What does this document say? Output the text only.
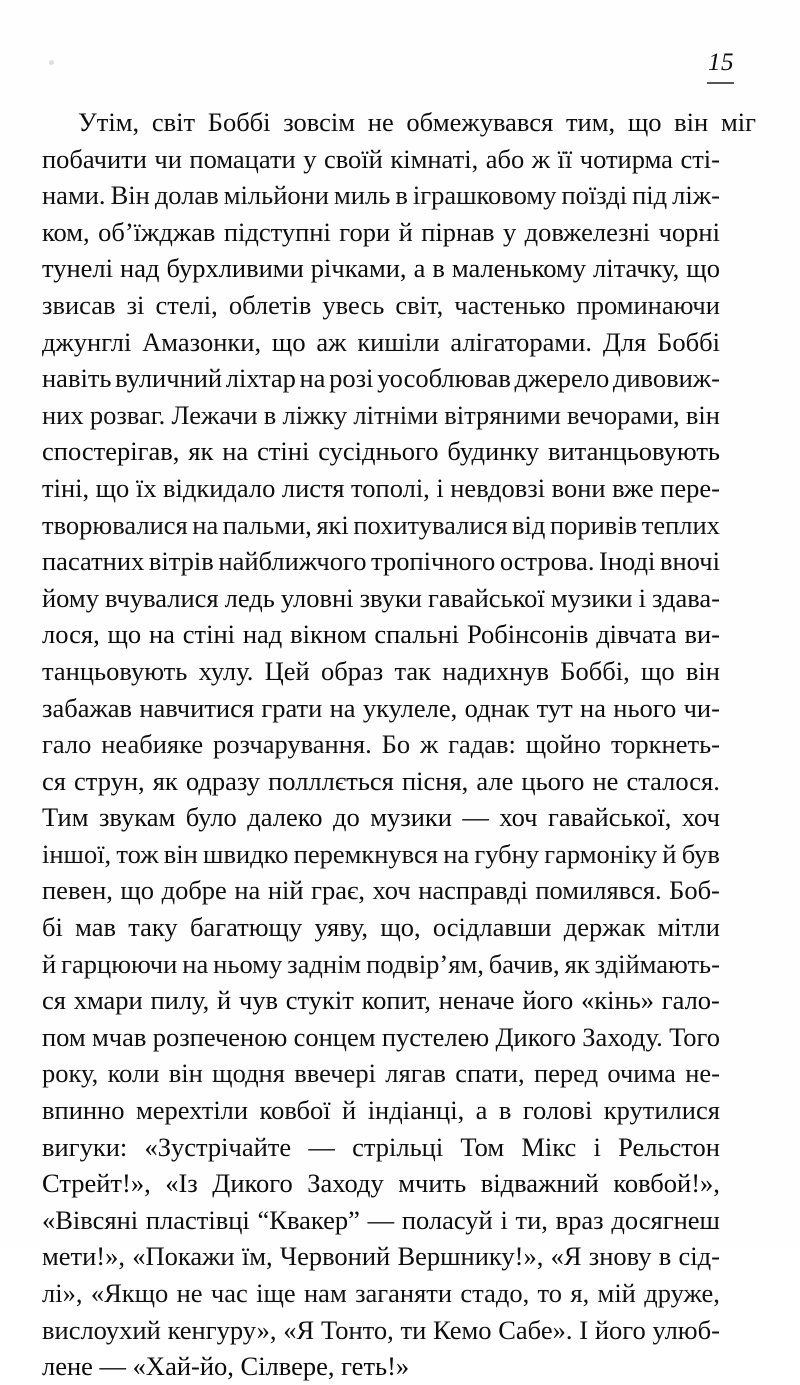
15
Утім, світ Боббі зовсім не обмежувався тим, що він міг
побачити чи помацати у своїй кімнаті, або ж її чотирма сті-
нами. Він долав мільйони миль в іграшковому поїзді під ліж-
ком, об’їжджав підступні гори й пірнав у довжелезні чорні
тунелі над бурхливими річками, а в маленькому літачку, що
звисав зі стелі, облетів увесь світ, частенько проминаючи
джунглі Амазонки, що аж кишіли алігаторами. Для Боббі
навіть вуличний ліхтар на розі уособлював джерело дивовиж-
них розваг. Лежачи в ліжку літніми вітряними вечорами, він
спостерігав, як на стіні сусіднього будинку витанцьовують
тіні, що їх відкидало листя тополі, і невдовзі вони вже пере-
творювалися на пальми, які похитувалися від поривів теплих
пасатних вітрів найближчого тропічного острова. Іноді вночі
йому вчувалися ледь уловні звуки гавайської музики і здава-
лося, що на стіні над вікном спальні Робінсонів дівчата ви-
танцьовують хулу. Цей образ так надихнув Боббі, що він
забажав навчитися грати на укулеле, однак тут на нього чи-
гало неабияке розчарування. Бо ж гадав: щойно торкнеть-
ся струн, як одразу полллється пісня, але цього не сталося.
Тим звукам було далеко до музики — хоч гавайської, хоч
іншої, тож він швидко перемкнувся на губну гармоніку й був
певен, що добре на ній грає, хоч насправді помилявся. Боб-
бі мав таку багатющу уяву, що, осідлавши держак мітли
й гарцюючи на ньому заднім подвір’ям, бачив, як здіймають-
ся хмари пилу, й чув стукіт копит, неначе його «кінь» гало-
пом мчав розпеченою сонцем пустелею Дикого Заходу. Того
року, коли він щодня ввечері лягав спати, перед очима не-
впинно мерехтіли ковбої й індіанці, а в голові крутилися
вигуки: «Зустрічайте — стрільці Том Мікс і Рельстон
Стрейт!», «Із Дикого Заходу мчить відважний ковбой!»,
«Вівсяні пластівці “Квакер” — поласуй і ти, враз досягнеш
мети!», «Покажи їм, Червоний Вершнику!», «Я знову в сід-
лі», «Якщо не час іще нам заганяти стадо, то я, мій друже,
вислоухий кенгуру», «Я Тонто, ти Кемо Сабе». І його улюб-
лене — «Хай-йо, Сілвере, геть!»
